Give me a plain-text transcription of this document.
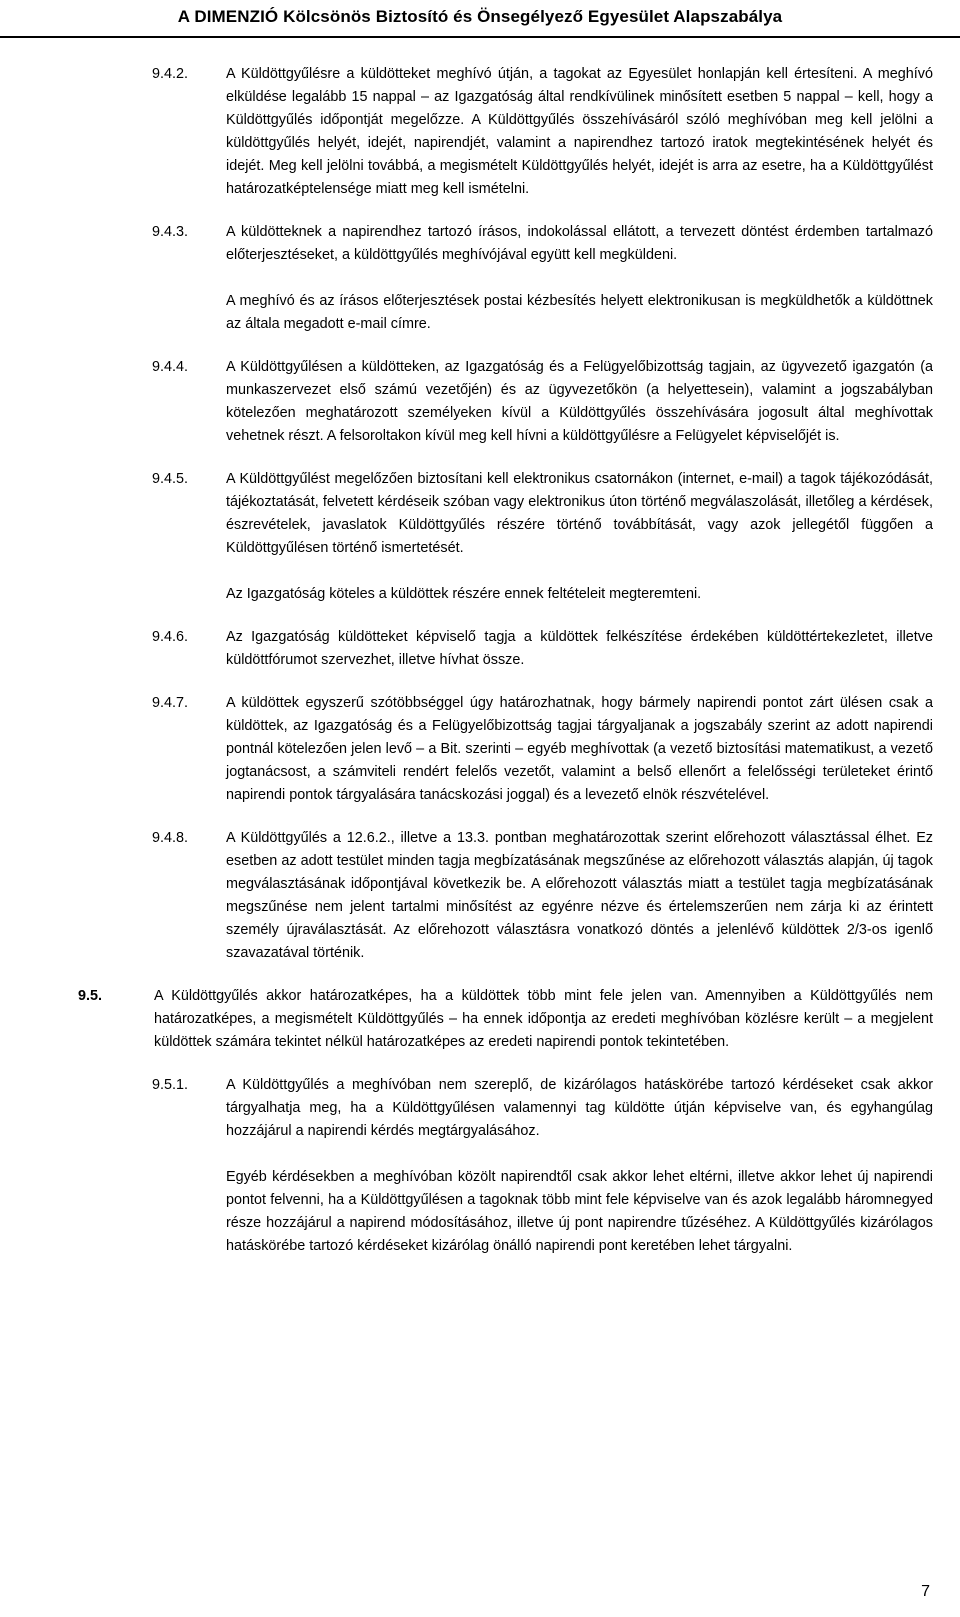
A DIMENZIÓ Kölcsönös Biztosító és Önsegélyező Egyesület Alapszabálya
9.4.2.	A Küldöttgyűlésre a küldötteket meghívó útján, a tagokat az Egyesület honlapján kell értesíteni. A meghívó elküldése legalább 15 nappal – az Igazgatóság által rendkívülinek minősített esetben 5 nappal – kell, hogy a Küldöttgyűlés időpontját megelőzze. A Küldöttgyűlés összehívásáról szóló meghívóban meg kell jelölni a küldöttgyűlés helyét, idejét, napirendjét, valamint a napirendhez tartozó iratok megtekintésének helyét és idejét. Meg kell jelölni továbbá, a megismételt Küldöttgyűlés helyét, idejét is arra az esetre, ha a Küldöttgyűlést határozatképtelensége miatt meg kell ismételni.

9.4.3.	A küldötteknek a napirendhez tartozó írásos, indokolással ellátott, a tervezett döntést érdemben tartalmazó előterjesztéseket, a küldöttgyűlés meghívójával együtt kell megküldeni.

A meghívó és az írásos előterjesztések postai kézbesítés helyett elektronikusan is megküldhetők a küldöttnek az általa megadott e-mail címre.

9.4.4.	A Küldöttgyűlésen a küldötteken, az Igazgatóság és a Felügyelőbizottság tagjain, az ügyvezető igazgatón (a munkaszervezet első számú vezetőjén) és az ügyvezetőkön (a helyettesein), valamint a jogszabályban kötelezően meghatározott személyeken kívül a Küldöttgyűlés összehívására jogosult által meghívottak vehetnek részt. A felsoroltakon kívül meg kell hívni a küldöttgyűlésre a Felügyelet képviselőjét is.

9.4.5.	A Küldöttgyűlést megelőzően biztosítani kell elektronikus csatornákon (internet, e-mail) a tagok tájékozódását, tájékoztatását, felvetett kérdéseik szóban vagy elektronikus úton történő megválaszolását, illetőleg a kérdések, észrevételek, javaslatok Küldöttgyűlés részére történő továbbítását, vagy azok jellegétől függően a Küldöttgyűlésen történő ismertetését.

Az Igazgatóság köteles a küldöttek részére ennek feltételeit megteremteni.

9.4.6.	Az Igazgatóság küldötteket képviselő tagja a küldöttek felkészítése érdekében küldöttértekezletet, illetve küldöttfórumot szervezhet, illetve hívhat össze.

9.4.7.	A küldöttek egyszerű szótöbbséggel úgy határozhatnak, hogy bármely napirendi pontot zárt ülésen csak a küldöttek, az Igazgatóság és a Felügyelőbizottság tagjai tárgyaljanak a jogszabály szerint az adott napirendi pontnál kötelezően jelen levő – a Bit. szerinti – egyéb meghívottak (a vezető biztosítási matematikust, a vezető jogtanácsost, a számviteli rendért felelős vezetőt, valamint a belső ellenőrt a felelősségi területeket érintő napirendi pontok tárgyalására tanácskozási joggal) és a levezető elnök részvételével.

9.4.8.	A Küldöttgyűlés a 12.6.2., illetve a 13.3. pontban meghatározottak szerint előrehozott választással élhet. Ez esetben az adott testület minden tagja megbízatásának megszűnése az előrehozott választás alapján, új tagok megválasztásának időpontjával következik be. A előrehozott választás miatt a testület tagja megbízatásának megszűnése nem jelent tartalmi minősítést az egyénre nézve és értelemszerűen nem zárja ki az érintett személy újraválasztását. Az előrehozott választásra vonatkozó döntés a jelenlévő küldöttek 2/3-os igenlő szavazatával történik.

9.5.	A Küldöttgyűlés akkor határozatképes, ha a küldöttek több mint fele jelen van. Amennyiben a Küldöttgyűlés nem határozatképes, a megismételt Küldöttgyűlés – ha ennek időpontja az eredeti meghívóban közlésre került – a megjelent küldöttek számára tekintet nélkül határozatképes az eredeti napirendi pontok tekintetében.

9.5.1.	A Küldöttgyűlés a meghívóban nem szereplő, de kizárólagos hatáskörébe tartozó kérdéseket csak akkor tárgyalhatja meg, ha a Küldöttgyűlésen valamennyi tag küldötte útján képviselve van, és egyhangúlag hozzájárul a napirendi kérdés megtárgyalásához.

Egyéb kérdésekben a meghívóban közölt napirendtől csak akkor lehet eltérni, illetve akkor lehet új napirendi pontot felvenni, ha a Küldöttgyűlésen a tagoknak több mint fele képviselve van és azok legalább háromnegyed része hozzájárul a napirend módosításához, illetve új pont napirendre tűzéséhez. A Küldöttgyűlés kizárólagos hatáskörébe tartozó kérdéseket kizárólag önálló napirendi pont keretében lehet tárgyalni.

7
